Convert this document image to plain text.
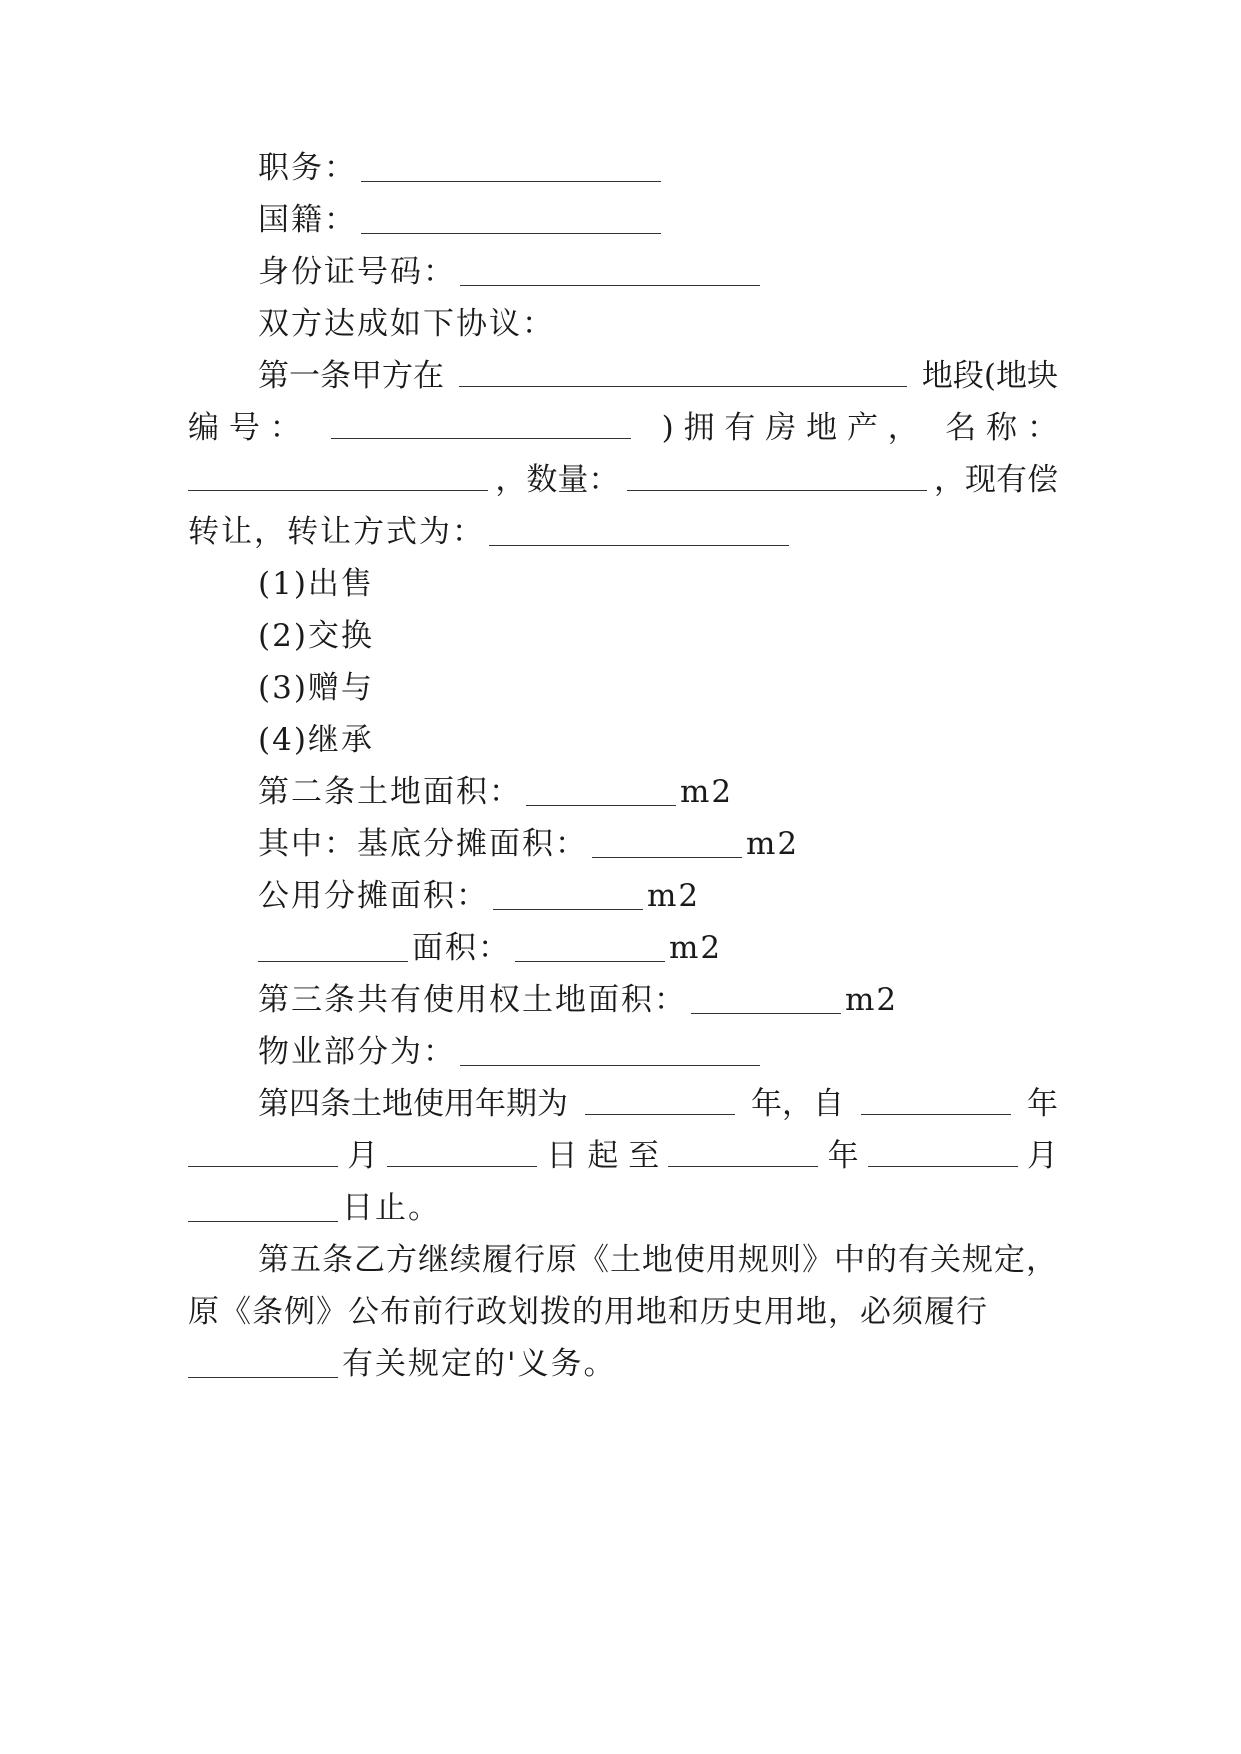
职务：
国籍：
身份证号码：
双方达成如下协议：
第一条甲方在	地段(地块
编 号 ：	) 拥 有 房 地 产 ， 名 称 ：
，数量：	，现有偿
转让，转让方式为：
(1)出售
(2)交换
(3)赠与
(4)继承
第二条土地面积：	m2
其中：基底分摊面积：	m2
公用分摊面积：	m2
面积：	m2
第三条共有使用权土地面积：	m2
物业部分为：
第四条土地使用年期为	年，自	年
月	日 起 至	年	月
日止。
第五条乙方继续履行原《土地使用规则》中的有关规定，
原《条例》公布前行政划拨的用地和历史用地，必须履行
有关规定的'义务。
